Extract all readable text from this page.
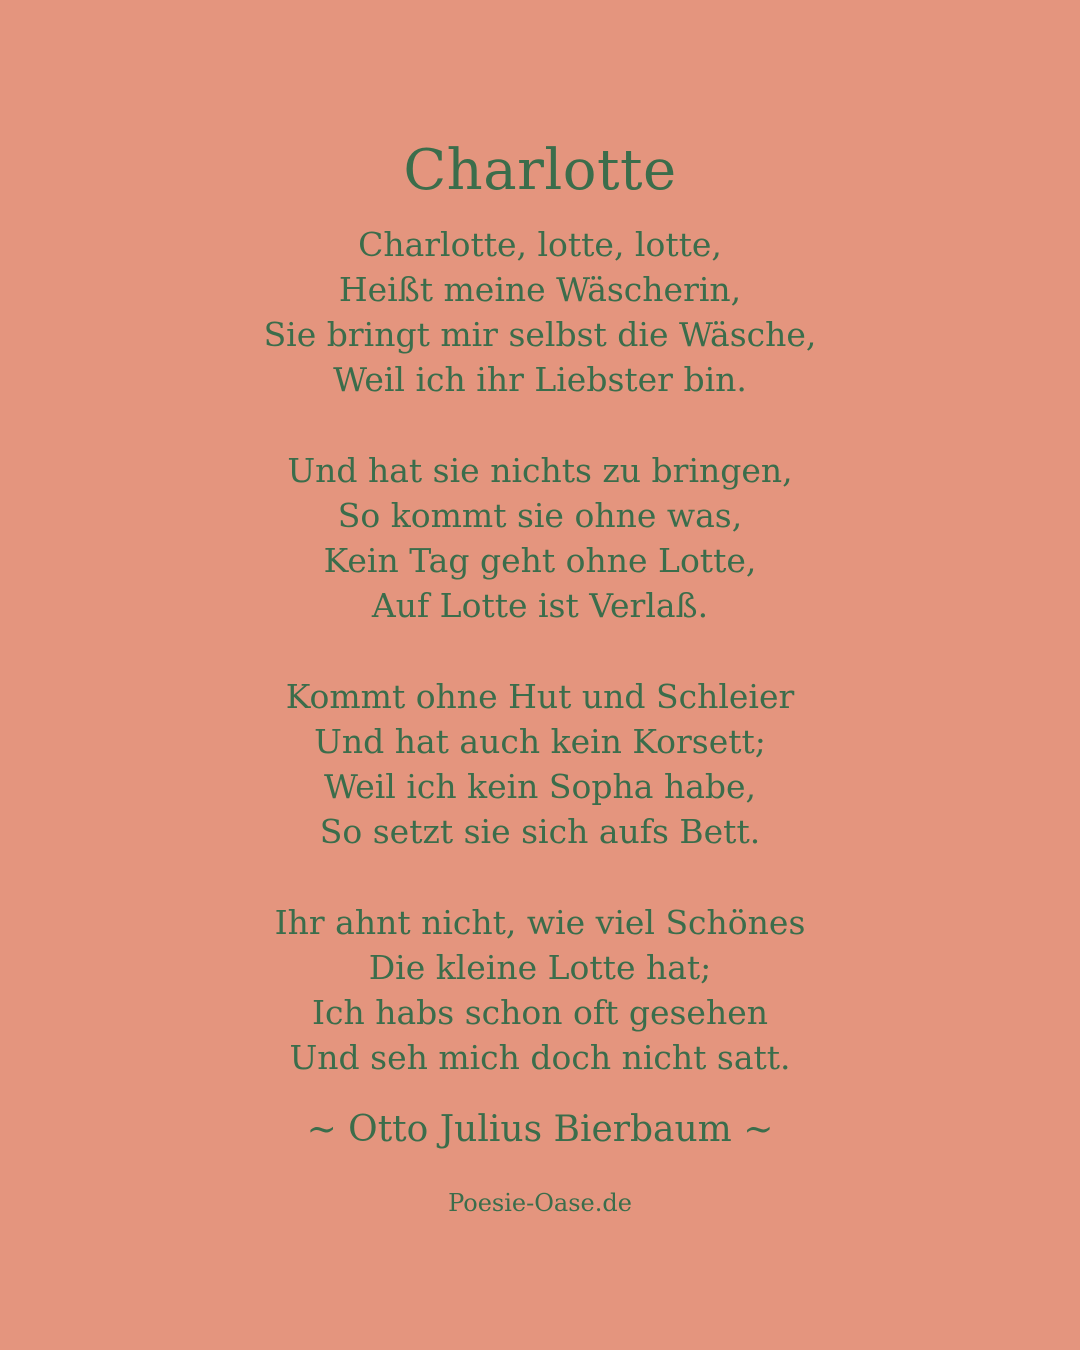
Charlotte
Charlotte, lotte, lotte,
Heißt meine Wäscherin,
Sie bringt mir selbst die Wäsche,
Weil ich ihr Liebster bin.
Und hat sie nichts zu bringen,
So kommt sie ohne was,
Kein Tag geht ohne Lotte,
Auf Lotte ist Verlaß.
Kommt ohne Hut und Schleier
Und hat auch kein Korsett;
Weil ich kein Sopha habe,
So setzt sie sich aufs Bett.
Ihr ahnt nicht, wie viel Schönes
Die kleine Lotte hat;
Ich habs schon oft gesehen
Und seh mich doch nicht satt.
~ Otto Julius Bierbaum ~
Poesie-Oase.de
